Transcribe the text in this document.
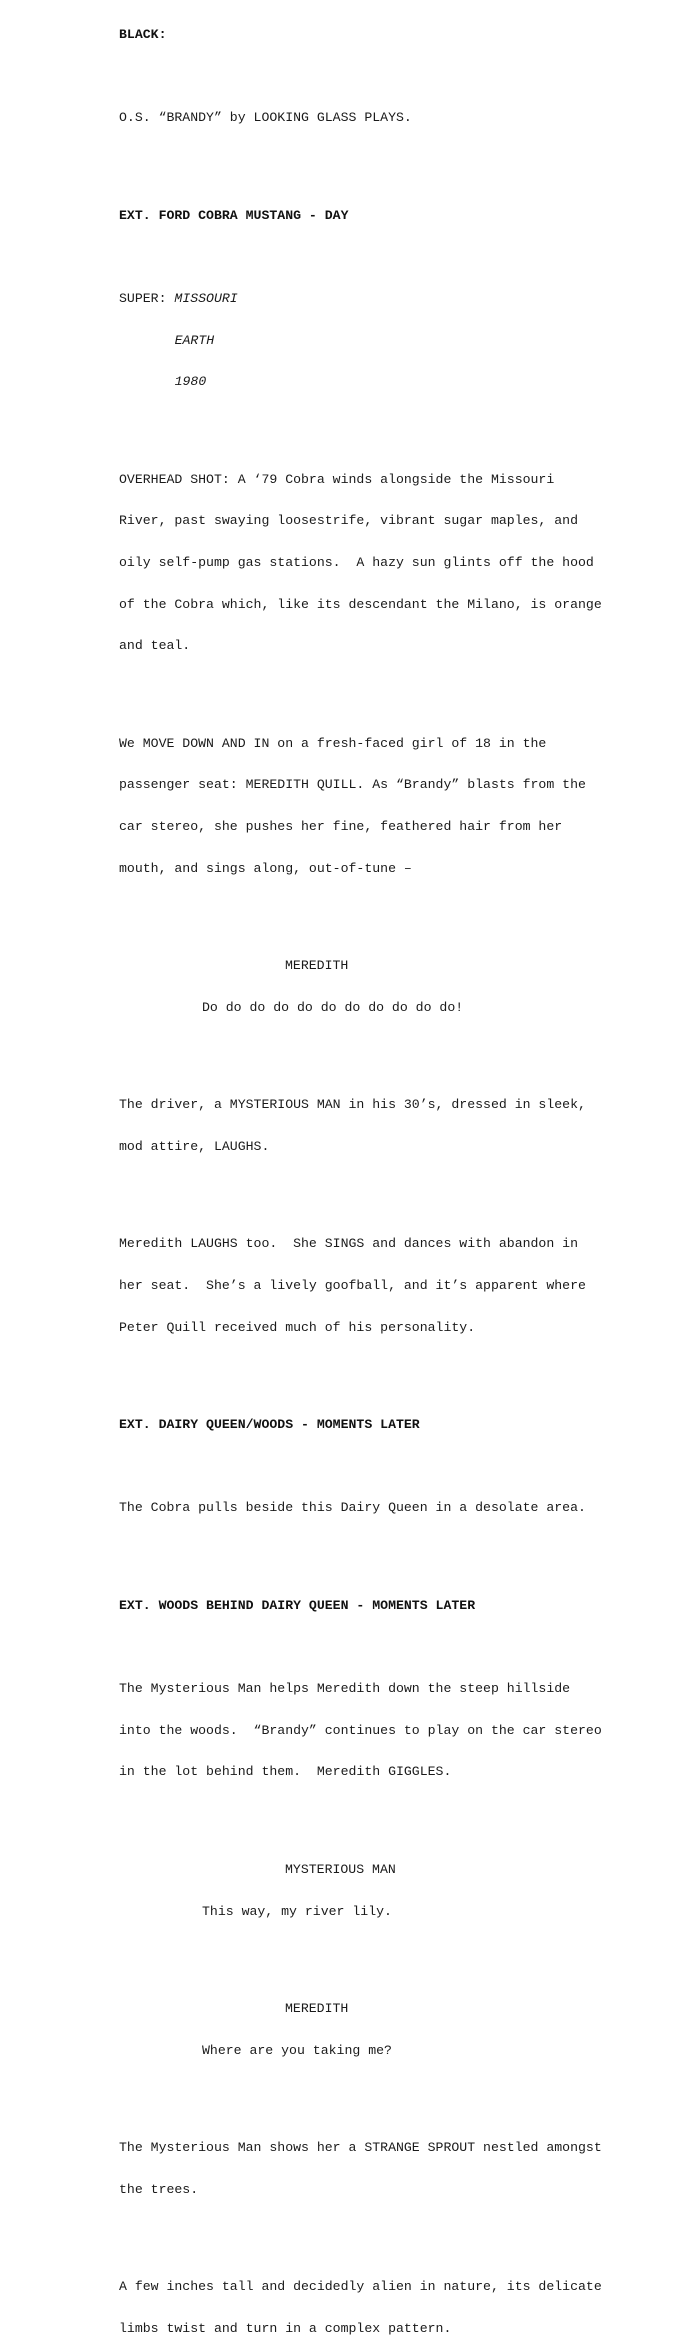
BLACK:

O.S. “BRANDY” by LOOKING GLASS PLAYS.

EXT. FORD COBRA MUSTANG - DAY

SUPER: MISSOURI

EARTH

1980

OVERHEAD SHOT: A ‘79 Cobra winds alongside the Missouri

River, past swaying loosestrife, vibrant sugar maples, and

oily self-pump gas stations.  A hazy sun glints off the hood

of the Cobra which, like its descendant the Milano, is orange

and teal.

We MOVE DOWN AND IN on a fresh-faced girl of 18 in the

passenger seat: MEREDITH QUILL. As “Brandy” blasts from the

car stereo, she pushes her fine, feathered hair from her

mouth, and sings along, out-of-tune –

MEREDITH

Do do do do do do do do do do do!

The driver, a MYSTERIOUS MAN in his 30’s, dressed in sleek,

mod attire, LAUGHS.

Meredith LAUGHS too.  She SINGS and dances with abandon in

her seat.  She’s a lively goofball, and it’s apparent where

Peter Quill received much of his personality.

EXT. DAIRY QUEEN/WOODS - MOMENTS LATER

The Cobra pulls beside this Dairy Queen in a desolate area.

EXT. WOODS BEHIND DAIRY QUEEN - MOMENTS LATER

The Mysterious Man helps Meredith down the steep hillside

into the woods.  “Brandy” continues to play on the car stereo

in the lot behind them.  Meredith GIGGLES.

MYSTERIOUS MAN

This way, my river lily.

MEREDITH

Where are you taking me?

The Mysterious Man shows her a STRANGE SPROUT nestled amongst

the trees.

A few inches tall and decidedly alien in nature, its delicate

limbs twist and turn in a complex pattern.
